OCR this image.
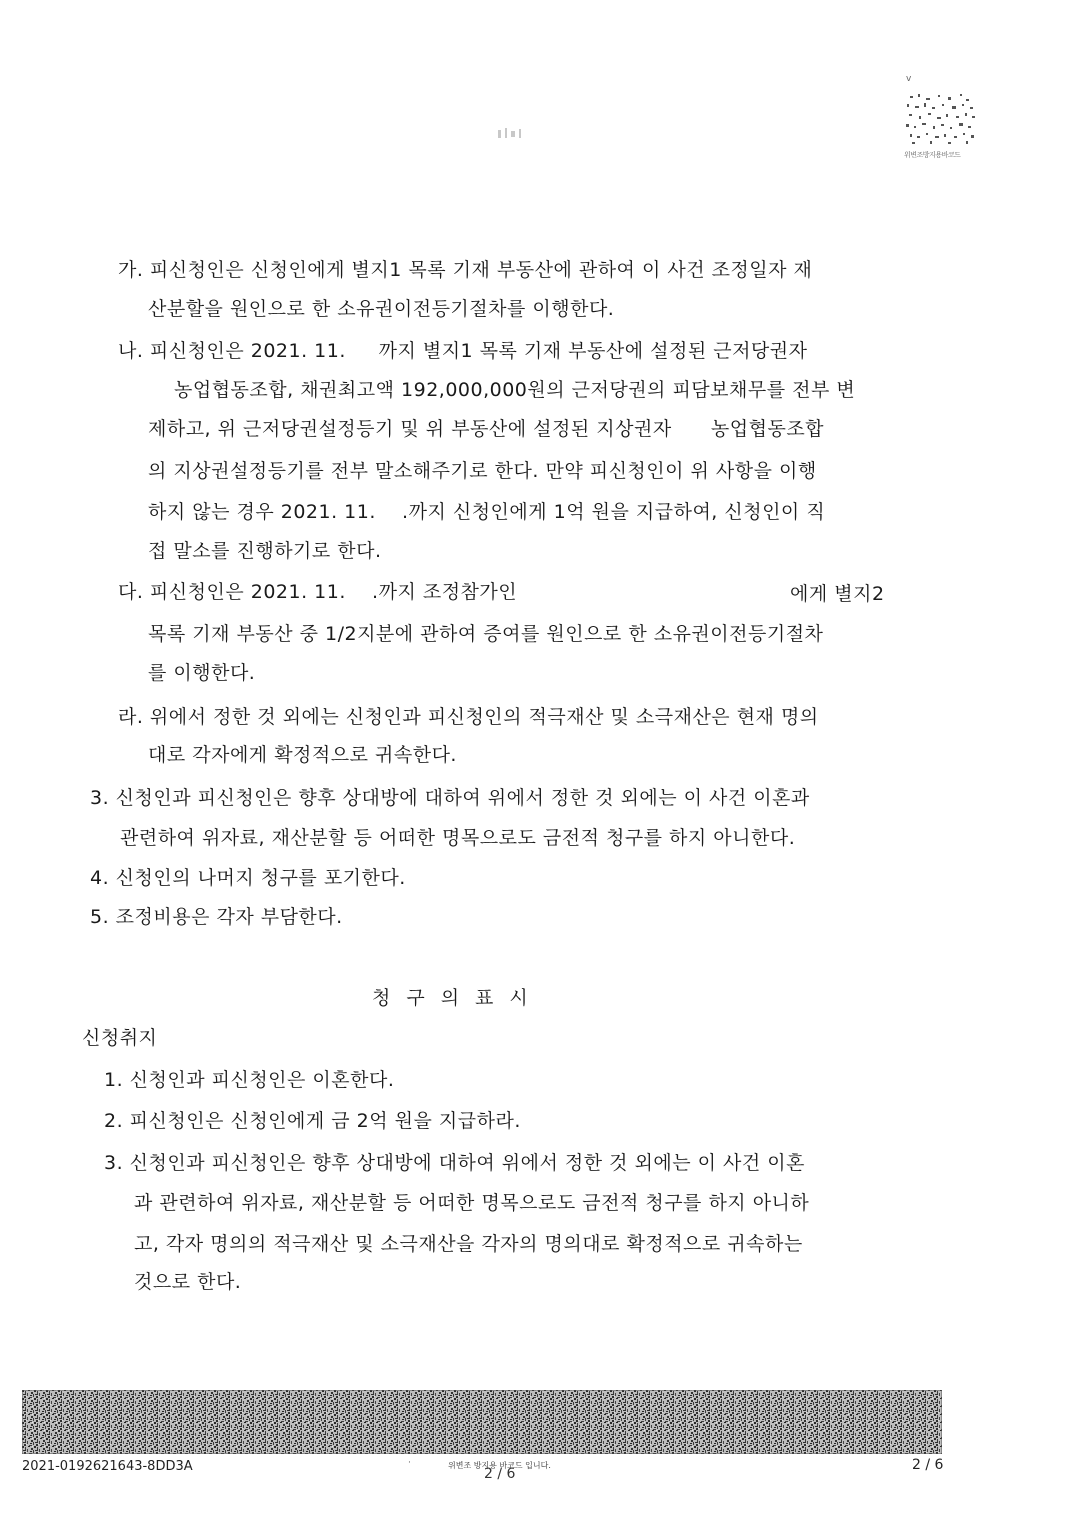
ⅴ
위변조방지용바코드
가. 피신청인은 신청인에게 별지1 목록 기재 부동산에 관하여 이 사건 조정일자 재
산분할을 원인으로 한 소유권이전등기절차를 이행한다.
나. 피신청인은 2021. 11.     까지 별지1 목록 기재 부동산에 설정된 근저당권자
농업협동조합, 채권최고액 192,000,000원의 근저당권의 피담보채무를 전부 변
제하고, 위 근저당권설정등기 및 위 부동산에 설정된 지상권자      농업협동조합
의 지상권설정등기를 전부 말소해주기로 한다. 만약 피신청인이 위 사항을 이행
하지 않는 경우 2021. 11.    .까지 신청인에게 1억 원을 지급하여, 신청인이 직
접 말소를 진행하기로 한다.
다. 피신청인은 2021. 11.    .까지 조정참가인	에게 별지2
목록 기재 부동산 중 1/2지분에 관하여 증여를 원인으로 한 소유권이전등기절차
를 이행한다.
라. 위에서 정한 것 외에는 신청인과 피신청인의 적극재산 및 소극재산은 현재 명의
대로 각자에게 확정적으로 귀속한다.
3. 신청인과 피신청인은 향후 상대방에 대하여 위에서 정한 것 외에는 이 사건 이혼과
관련하여 위자료, 재산분할 등 어떠한 명목으로도 금전적 청구를 하지 아니한다.
4. 신청인의 나머지 청구를 포기한다.
5. 조정비용은 각자 부담한다.
청구의표시
신청취지
1. 신청인과 피신청인은 이혼한다.
2. 피신청인은 신청인에게 금 2억 원을 지급하라.
3. 신청인과 피신청인은 향후 상대방에 대하여 위에서 정한 것 외에는 이 사건 이혼
과 관련하여 위자료, 재산분할 등 어떠한 명목으로도 금전적 청구를 하지 아니하
고, 각자 명의의 적극재산 및 소극재산을 각자의 명의대로 확정적으로 귀속하는
것으로 한다.
2021-0192621643-8DD3A	·	위변조 방지용 바코드 입니다.
2 / 6
2 / 6
